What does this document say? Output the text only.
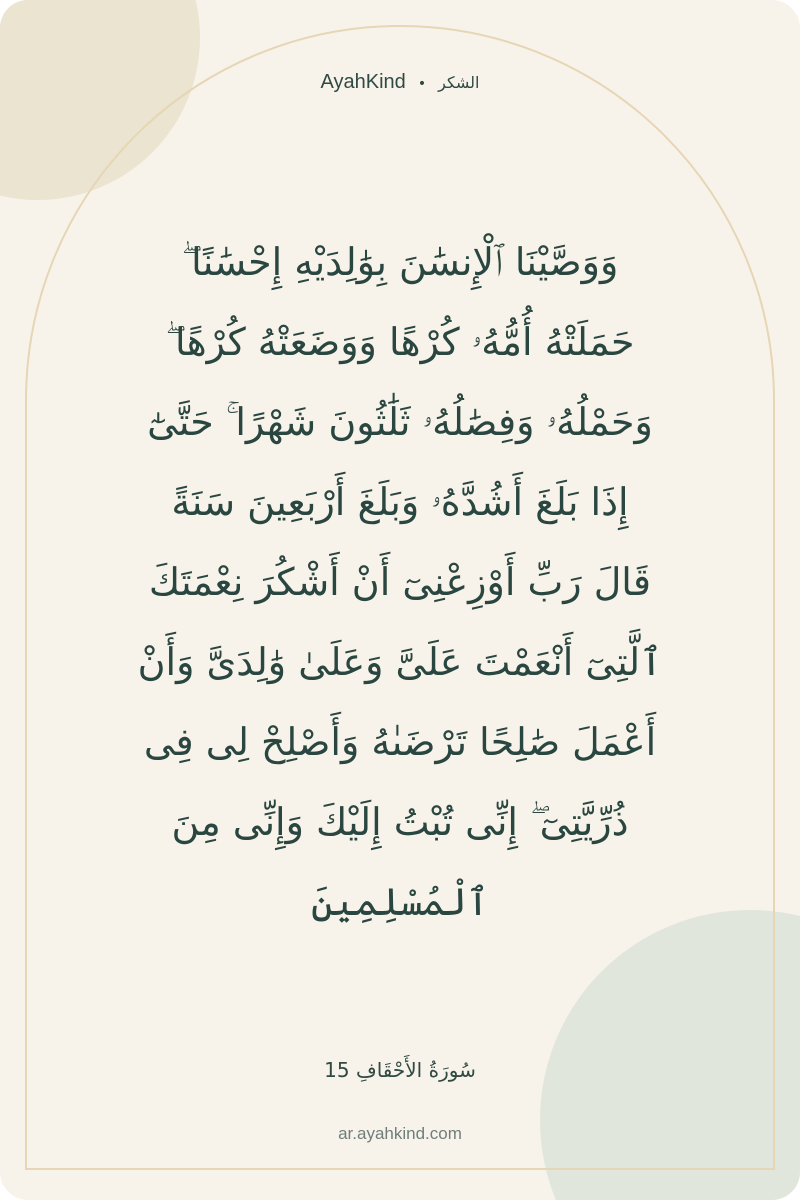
AyahKind • الشكر
وَوَصَّيْنَا ٱلْإِنسَٰنَ بِوَٰلِدَيْهِ إِحْسَٰنًا ۖ
حَمَلَتْهُ أُمُّهُۥ كُرْهًا وَوَضَعَتْهُ كُرْهًا ۖ
وَحَمْلُهُۥ وَفِصَٰلُهُۥ ثَلَٰثُونَ شَهْرًا ۚ حَتَّىٰٓ
إِذَا بَلَغَ أَشُدَّهُۥ وَبَلَغَ أَرْبَعِينَ سَنَةً
قَالَ رَبِّ أَوْزِعْنِىٓ أَنْ أَشْكُرَ نِعْمَتَكَ
ٱلَّتِىٓ أَنْعَمْتَ عَلَىَّ وَعَلَىٰ وَٰلِدَىَّ وَأَنْ
أَعْمَلَ صَٰلِحًا تَرْضَىٰهُ وَأَصْلِحْ لِى فِى
ذُرِّيَّتِىٓ ۖ إِنِّى تُبْتُ إِلَيْكَ وَإِنِّى مِنَ
ٱلْمُسْلِمِينَ
سُورَةُ الأَحْقَافِ 15
ar.ayahkind.com
